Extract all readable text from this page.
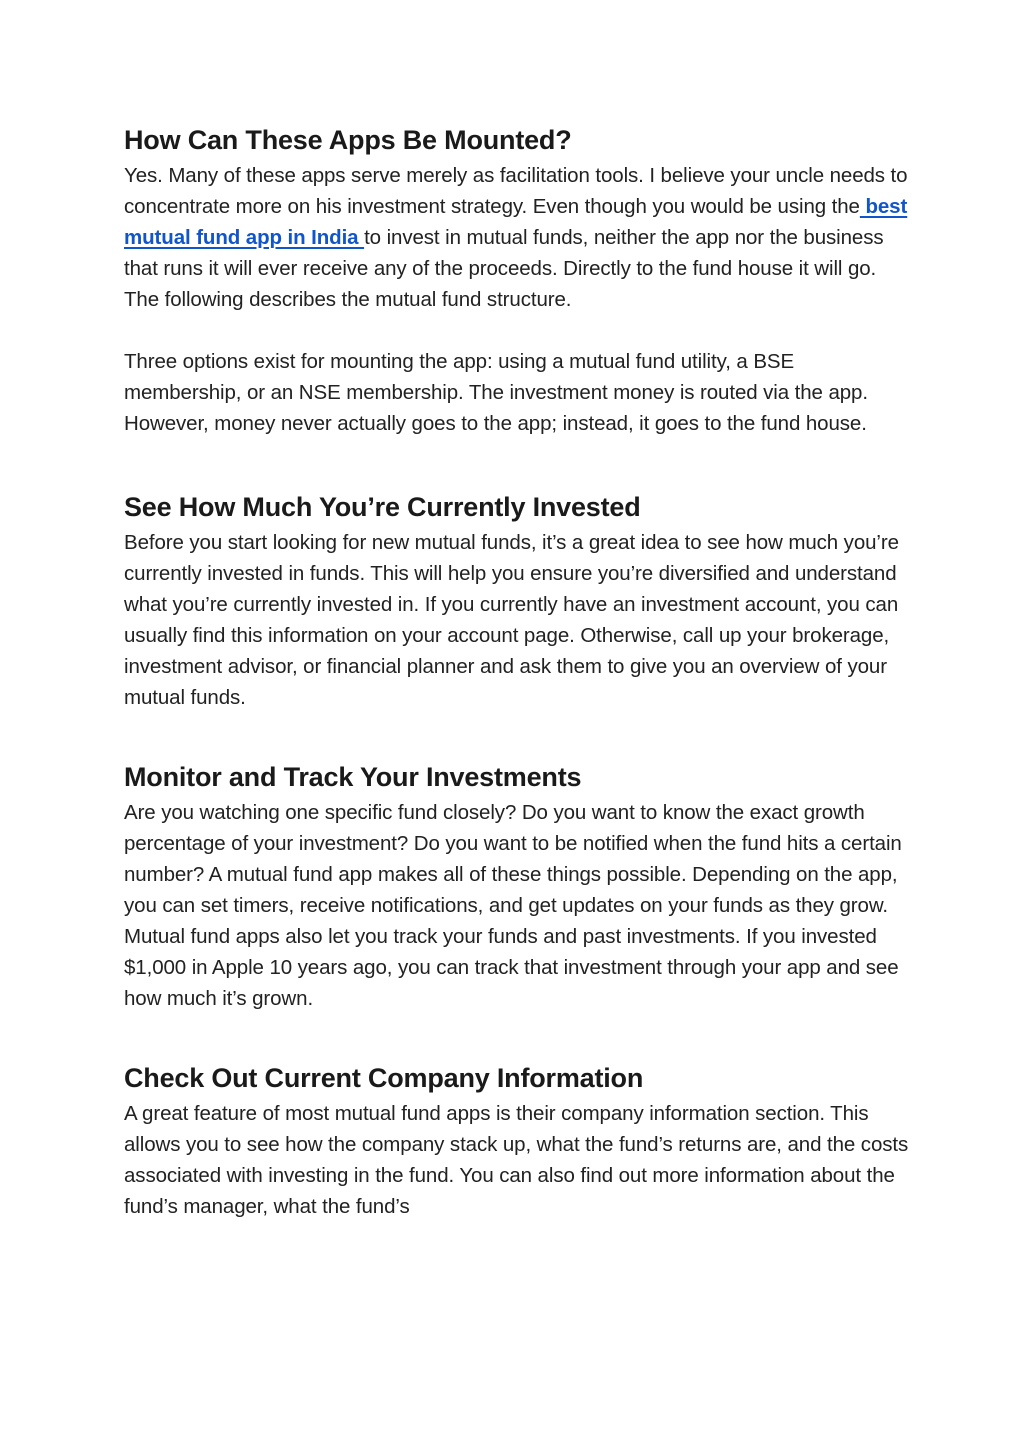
How Can These Apps Be Mounted?

Yes. Many of these apps serve merely as facilitation tools. I believe your uncle needs to concentrate more on his investment strategy. Even though you would be using the best mutual fund app in India to invest in mutual funds, neither the app nor the business that runs it will ever receive any of the proceeds. Directly to the fund house it will go. The following describes the mutual fund structure.

Three options exist for mounting the app: using a mutual fund utility, a BSE membership, or an NSE membership. The investment money is routed via the app. However, money never actually goes to the app; instead, it goes to the fund house.

See How Much You’re Currently Invested

Before you start looking for new mutual funds, it’s a great idea to see how much you’re currently invested in funds. This will help you ensure you’re diversified and understand what you’re currently invested in. If you currently have an investment account, you can usually find this information on your account page. Otherwise, call up your brokerage, investment advisor, or financial planner and ask them to give you an overview of your mutual funds.

Monitor and Track Your Investments

Are you watching one specific fund closely? Do you want to know the exact growth percentage of your investment? Do you want to be notified when the fund hits a certain number? A mutual fund app makes all of these things possible. Depending on the app, you can set timers, receive notifications, and get updates on your funds as they grow. Mutual fund apps also let you track your funds and past investments. If you invested $1,000 in Apple 10 years ago, you can track that investment through your app and see how much it’s grown.

Check Out Current Company Information

A great feature of most mutual fund apps is their company information section. This allows you to see how the company stack up, what the fund’s returns are, and the costs associated with investing in the fund. You can also find out more information about the fund’s manager, what the fund’s
